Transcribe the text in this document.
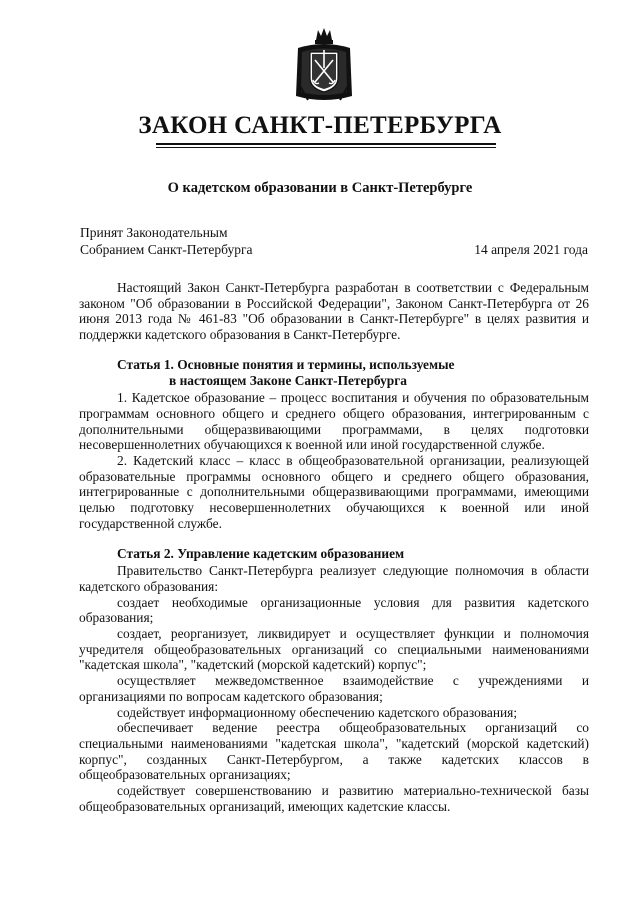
ЗАКОН САНКТ-ПЕТЕРБУРГА
О кадетском образовании в Санкт-Петербурге
Принят Законодательным
Собранием Санкт-Петербурга	14 апреля 2021 года

Настоящий Закон Санкт-Петербурга разработан в соответствии с Федеральным законом "Об образовании в Российской Федерации", Законом Санкт-Петербурга от 26 июня 2013 года № 461-83 "Об образовании в Санкт-Петербурге" в целях развития и поддержки кадетского образования в Санкт-Петербурге.

Статья 1. Основные понятия и термины, используемые
в настоящем Законе Санкт-Петербурга

1. Кадетское образование – процесс воспитания и обучения по образовательным программам основного общего и среднего общего образования, интегрированным с дополнительными общеразвивающими программами, в целях подготовки несовершеннолетних обучающихся к военной или иной государственной службе.

2. Кадетский класс – класс в общеобразовательной организации, реализующей образовательные программы основного общего и среднего общего образования, интегрированные с дополнительными общеразвивающими программами, имеющими целью подготовку несовершеннолетних обучающихся к военной или иной государственной службе.

Статья 2. Управление кадетским образованием

Правительство Санкт-Петербурга реализует следующие полномочия в области кадетского образования:

создает необходимые организационные условия для развития кадетского образования;

создает, реорганизует, ликвидирует и осуществляет функции и полномочия учредителя общеобразовательных организаций со специальными наименованиями "кадетская школа", "кадетский (морской кадетский) корпус";

осуществляет межведомственное взаимодействие с учреждениями и организациями по вопросам кадетского образования;

содействует информационному обеспечению кадетского образования;

обеспечивает ведение реестра общеобразовательных организаций со специальными наименованиями "кадетская школа", "кадетский (морской кадетский) корпус", созданных Санкт-Петербургом, а также кадетских классов в общеобразовательных организациях;

содействует совершенствованию и развитию материально-технической базы общеобразовательных организаций, имеющих кадетские классы.
